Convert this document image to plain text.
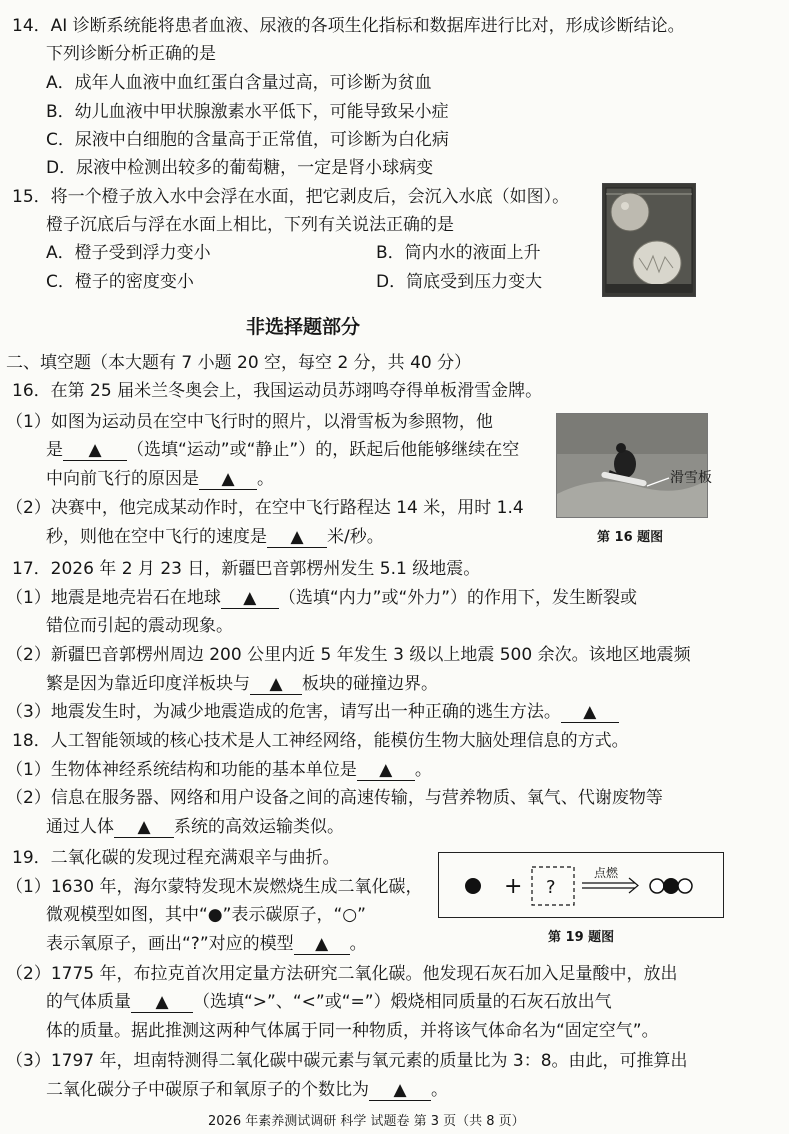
14．AI 诊断系统能将患者血液、尿液的各项生化指标和数据库进行比对，形成诊断结论。
下列诊断分析正确的是
A．成年人血液中血红蛋白含量过高，可诊断为贫血
B．幼儿血液中甲状腺激素水平低下，可能导致呆小症
C．尿液中白细胞的含量高于正常值，可诊断为白化病
D．尿液中检测出较多的葡萄糖，一定是肾小球病变
15．将一个橙子放入水中会浮在水面，把它剥皮后，会沉入水底（如图）。
橙子沉底后与浮在水面上相比，下列有关说法正确的是
A．橙子受到浮力变小	B．筒内水的液面上升
C．橙子的密度变小	D．筒底受到压力变大
非选择题部分
二、填空题（本大题有 7 小题 20 空，每空 2 分，共 40 分）
16．在第 25 届米兰冬奥会上，我国运动员苏翊鸣夺得单板滑雪金牌。
（1）如图为运动员在空中飞行时的照片，以滑雪板为参照物，他
是 ▲ （选填“运动”或“静止”）的，跃起后他能够继续在空
中向前飞行的原因是 ▲ 。
（2）决赛中，他完成某动作时，在空中飞行路程达 14 米，用时 1.4
秒，则他在空中飞行的速度是 ▲ 米/秒。
滑雪板
第 16 题图
17．2026 年 2 月 23 日，新疆巴音郭楞州发生 5.1 级地震。
（1）地震是地壳岩石在地球 ▲ （选填“内力”或“外力”）的作用下，发生断裂或
错位而引起的震动现象。
（2）新疆巴音郭楞州周边 200 公里内近 5 年发生 3 级以上地震 500 余次。该地区地震频
繁是因为靠近印度洋板块与 ▲ 板块的碰撞边界。
（3）地震发生时，为减少地震造成的危害，请写出一种正确的逃生方法。 ▲
18．人工智能领域的核心技术是人工神经网络，能模仿生物大脑处理信息的方式。
（1）生物体神经系统结构和功能的基本单位是 ▲ 。
（2）信息在服务器、网络和用户设备之间的高速传输，与营养物质、氧气、代谢废物等
通过人体 ▲ 系统的高效运输类似。
19．二氧化碳的发现过程充满艰辛与曲折。
（1）1630 年，海尔蒙特发现木炭燃烧生成二氧化碳，
微观模型如图，其中“●”表示碳原子，“○”
表示氧原子，画出“?”对应的模型 ▲ 。
+ ?
点燃
第 19 题图
（2）1775 年，布拉克首次用定量方法研究二氧化碳。他发现石灰石加入足量酸中，放出
的气体质量 ▲ （选填“>”、“<”或“=”）煅烧相同质量的石灰石放出气
体的质量。据此推测这两种气体属于同一种物质，并将该气体命名为“固定空气”。
（3）1797 年，坦南特测得二氧化碳中碳元素与氧元素的质量比为 3：8。由此，可推算出
二氧化碳分子中碳原子和氧原子的个数比为 ▲ 。
2026 年素养测试调研 科学 试题卷 第 3 页（共 8 页）
